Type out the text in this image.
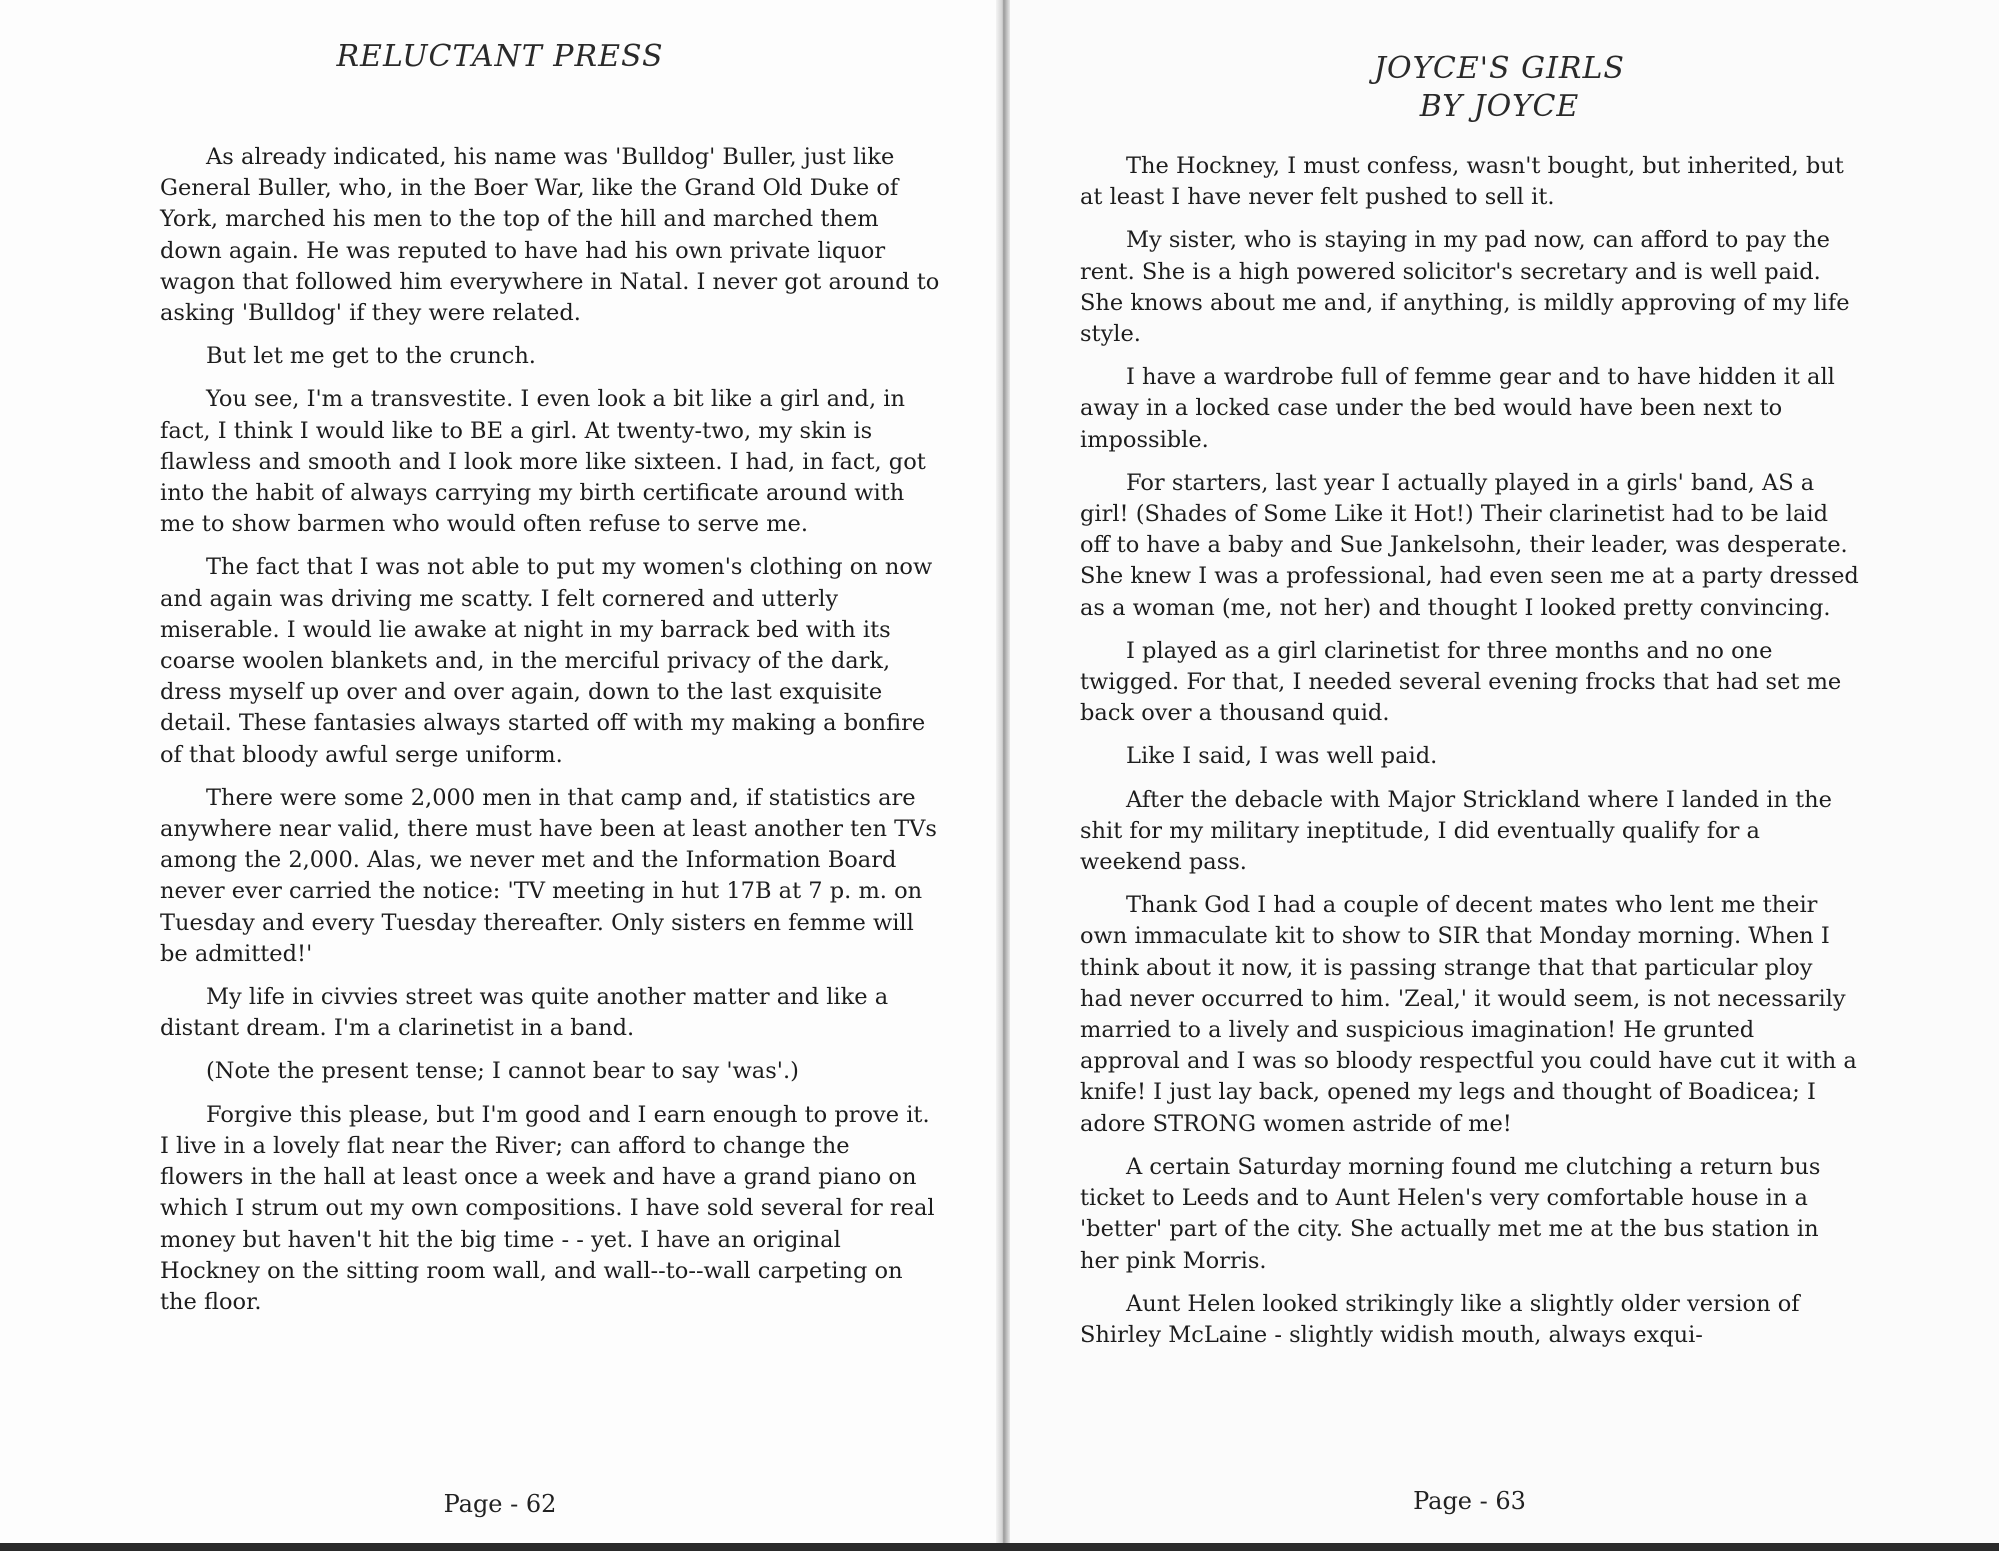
RELUCTANT PRESS

As already indicated, his name was 'Bulldog' Buller, just like General Buller, who, in the Boer War, like the Grand Old Duke of York, marched his men to the top of the hill and marched them down again. He was reputed to have had his own private liquor wagon that followed him everywhere in Natal. I never got around to asking 'Bulldog' if they were related.

But let me get to the crunch.

You see, I'm a transvestite. I even look a bit like a girl and, in fact, I think I would like to BE a girl. At twenty-two, my skin is flawless and smooth and I look more like sixteen. I had, in fact, got into the habit of always carrying my birth certificate around with me to show barmen who would often refuse to serve me.

The fact that I was not able to put my women's clothing on now and again was driving me scatty. I felt cornered and utterly miserable. I would lie awake at night in my barrack bed with its coarse woolen blankets and, in the merciful privacy of the dark, dress myself up over and over again, down to the last exquisite detail. These fantasies always started off with my making a bonfire of that bloody awful serge uniform.

There were some 2,000 men in that camp and, if statistics are anywhere near valid, there must have been at least another ten TVs among the 2,000. Alas, we never met and the Information Board never ever carried the notice: 'TV meeting in hut 17B at 7 p. m. on Tuesday and every Tuesday thereafter. Only sisters en femme will be admitted!'

My life in civvies street was quite another matter and like a distant dream. I'm a clarinetist in a band.

(Note the present tense; I cannot bear to say 'was'.)

Forgive this please, but I'm good and I earn enough to prove it. I live in a lovely flat near the River; can afford to change the flowers in the hall at least once a week and have a grand piano on which I strum out my own compositions. I have sold several for real money but haven't hit the big time - - yet. I have an original Hockney on the sitting room wall, and wall--to--wall carpeting on the floor.

Page - 62
JOYCE'S GIRLS
BY JOYCE

The Hockney, I must confess, wasn't bought, but inherited, but at least I have never felt pushed to sell it.

My sister, who is staying in my pad now, can afford to pay the rent. She is a high powered solicitor's secretary and is well paid. She knows about me and, if anything, is mildly approving of my life style.

I have a wardrobe full of femme gear and to have hidden it all away in a locked case under the bed would have been next to impossible.

For starters, last year I actually played in a girls' band, AS a girl! (Shades of Some Like it Hot!) Their clarinetist had to be laid off to have a baby and Sue Jankelsohn, their leader, was desperate. She knew I was a professional, had even seen me at a party dressed as a woman (me, not her) and thought I looked pretty convincing.

I played as a girl clarinetist for three months and no one twigged. For that, I needed several evening frocks that had set me back over a thousand quid.

Like I said, I was well paid.

After the debacle with Major Strickland where I landed in the shit for my military ineptitude, I did eventually qualify for a weekend pass.

Thank God I had a couple of decent mates who lent me their own immaculate kit to show to SIR that Monday morning. When I think about it now, it is passing strange that that particular ploy had never occurred to him. 'Zeal,' it would seem, is not necessarily married to a lively and suspicious imagination! He grunted approval and I was so bloody respectful you could have cut it with a knife! I just lay back, opened my legs and thought of Boadicea; I adore STRONG women astride of me!

A certain Saturday morning found me clutching a return bus ticket to Leeds and to Aunt Helen's very comfortable house in a 'better' part of the city. She actually met me at the bus station in her pink Morris.

Aunt Helen looked strikingly like a slightly older version of Shirley McLaine - slightly widish mouth, always exqui-

Page - 63
